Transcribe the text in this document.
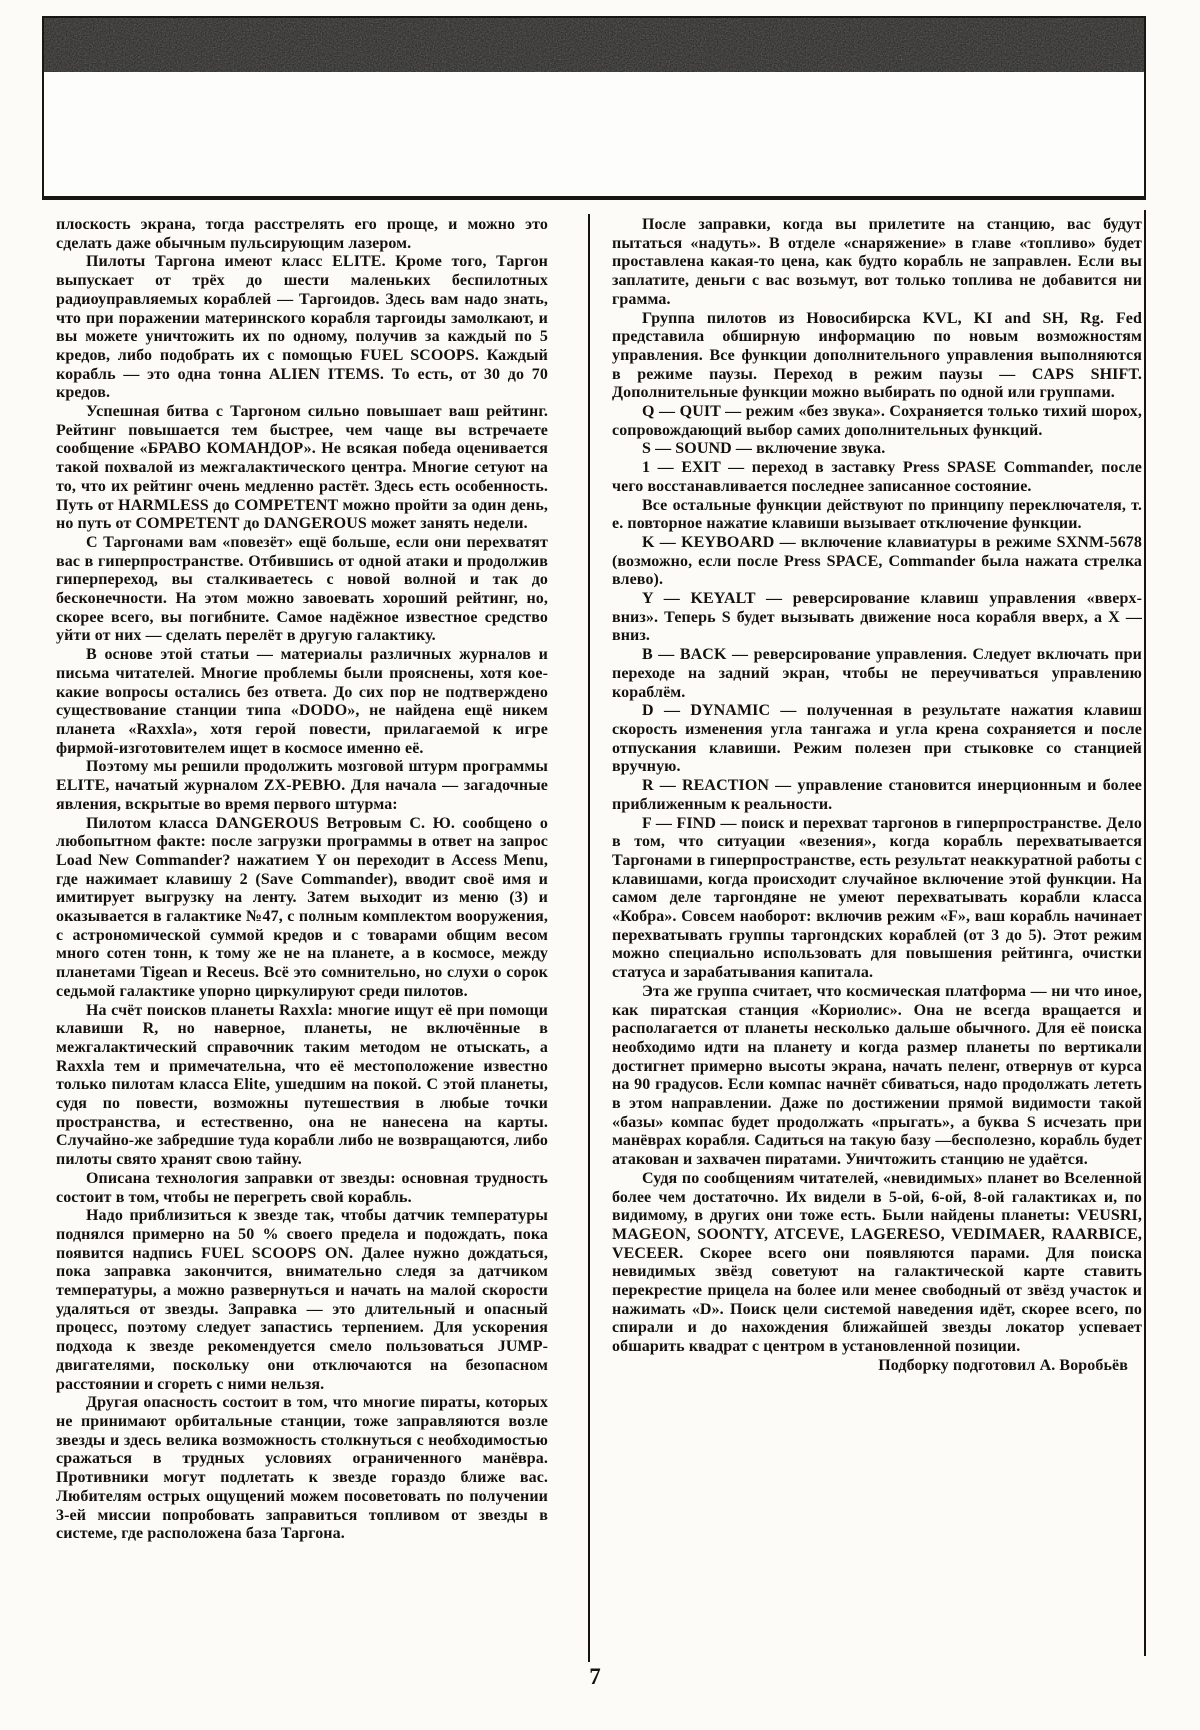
плоскость экрана, тогда расстрелять его проще, и можно это сделать даже обычным пульсирующим лазером.

Пилоты Таргона имеют класс ELITE. Кроме того, Таргон выпускает от трёх до шести маленьких беспилотных радиоуправляемых кораблей — Таргоидов. Здесь вам надо знать, что при поражении материнского корабля таргоиды замолкают, и вы можете уничтожить их по одному, получив за каждый по 5 кредов, либо подобрать их с помощью FUEL SCOOPS. Каждый корабль — это одна тонна ALIEN ITEMS. То есть, от 30 до 70 кредов.

Успешная битва с Таргоном сильно повышает ваш рейтинг. Рейтинг повышается тем быстрее, чем чаще вы встречаете сообщение «БРАВО КОМАНДОР». Не всякая победа оценивается такой похвалой из межгалактического центра. Многие сетуют на то, что их рейтинг очень медленно растёт. Здесь есть особенность. Путь от HARMLESS до COMPETENT можно пройти за один день, но путь от COMPETENT до DANGEROUS может занять недели.

С Таргонами вам «повезёт» ещё больше, если они перехватят вас в гиперпространстве. Отбившись от одной атаки и продолжив гиперпереход, вы сталкиваетесь с новой волной и так до бесконечности. На этом можно завоевать хороший рейтинг, но, скорее всего, вы погибните. Самое надёжное известное средство уйти от них — сделать перелёт в другую галактику.

В основе этой статьи — материалы различных журналов и письма читателей. Многие проблемы были прояснены, хотя кое-какие вопросы остались без ответа. До сих пор не подтверждено существование станции типа «DODO», не найдена ещё никем планета «Raxxla», хотя герой повести, прилагаемой к игре фирмой-изготовителем ищет в космосе именно её.

Поэтому мы решили продолжить мозговой штурм программы ELITE, начатый журналом ZX-РЕВЮ. Для начала — загадочные явления, вскрытые во время первого штурма:

Пилотом класса DANGEROUS Ветровым С. Ю. сообщено о любопытном факте: после загрузки программы в ответ на запрос Load New Commander? нажатием Y он переходит в Access Menu, где нажимает клавишу 2 (Save Commander), вводит своё имя и имитирует выгрузку на ленту. Затем выходит из меню (3) и оказывается в галактике №47, с полным комплектом вооружения, с астрономической суммой кредов и с товарами общим весом много сотен тонн, к тому же не на планете, а в космосе, между планетами Tigean и Receus. Всё это сомнительно, но слухи о сорок седьмой галактике упорно циркулируют среди пилотов.

На счёт поисков планеты Raxxla: многие ищут её при помощи клавиши R, но наверное, планеты, не включённые в межгалактический справочник таким методом не отыскать, а Raxxla тем и примечательна, что её местоположение известно только пилотам класса Elite, ушедшим на покой. С этой планеты, судя по повести, возможны путешествия в любые точки пространства, и естественно, она не нанесена на карты. Случайно-же забредшие туда корабли либо не возвращаются, либо пилоты свято хранят свою тайну.

Описана технология заправки от звезды: основная трудность состоит в том, чтобы не перегреть свой корабль.

Надо приблизиться к звезде так, чтобы датчик температуры поднялся примерно на 50 % своего предела и подождать, пока появится надпись FUEL SCOOPS ON. Далее нужно дождаться, пока заправка закончится, внимательно следя за датчиком температуры, а можно развернуться и начать на малой скорости удаляться от звезды. Заправка — это длительный и опасный процесс, поэтому следует запастись терпением. Для ускорения подхода к звезде рекомендуется смело пользоваться JUMP-двигателями, поскольку они отключаются на безопасном расстоянии и сгореть с ними нельзя.

Другая опасность состоит в том, что многие пираты, которых не принимают орбитальные станции, тоже заправляются возле звезды и здесь велика возможность столкнуться с необходимостью сражаться в трудных условиях ограниченного манёвра. Противники могут подлетать к звезде гораздо ближе вас. Любителям острых ощущений можем посоветовать по получении 3-ей миссии попробовать заправиться топливом от звезды в системе, где расположена база Таргона.

После заправки, когда вы прилетите на станцию, вас будут пытаться «надуть». В отделе «снаряжение» в главе «топливо» будет проставлена какая-то цена, как будто корабль не заправлен. Если вы заплатите, деньги с вас возьмут, вот только топлива не добавится ни грамма.

Группа пилотов из Новосибирска KVL, KI and SH, Rg. Fed представила обширную информацию по новым возможностям управления. Все функции дополнительного управления выполняются в режиме паузы. Переход в режим паузы — CAPS SHIFT. Дополнительные функции можно выбирать по одной или группами.

Q — QUIT — режим «без звука». Сохраняется только тихий шорох, сопровождающий выбор самих дополнительных функций.

S — SOUND — включение звука.

1 — EXIT — переход в заставку Press SPASE Commander, после чего восстанавливается последнее записанное состояние.

Все остальные функции действуют по принципу переключателя, т. е. повторное нажатие клавиши вызывает отключение функции.

K — KEYBOARD — включение клавиатуры в режиме SXNM-5678 (возможно, если после Press SPACE, Commander была нажата стрелка влево).

Y — KEYALT — реверсирование клавиш управления «вверх-вниз». Теперь S будет вызывать движение носа корабля вверх, а X — вниз.

B — BACK — реверсирование управления. Следует включать при переходе на задний экран, чтобы не переучиваться управлению кораблём.

D — DYNAMIC — полученная в результате нажатия клавиш скорость изменения угла тангажа и угла крена сохраняется и после отпускания клавиши. Режим полезен при стыковке со станцией вручную.

R — REACTION — управление становится инерционным и более приближенным к реальности.

F — FIND — поиск и перехват таргонов в гиперпространстве. Дело в том, что ситуации «везения», когда корабль перехватывается Таргонами в гиперпространстве, есть результат неаккуратной работы с клавишами, когда происходит случайное включение этой функции. На самом деле таргондяне не умеют перехватывать корабли класса «Кобра». Совсем наоборот: включив режим «F», ваш корабль начинает перехватывать группы таргондских кораблей (от 3 до 5). Этот режим можно специально использовать для повышения рейтинга, очистки статуса и зарабатывания капитала.

Эта же группа считает, что космическая платформа — ни что иное, как пиратская станция «Кориолис». Она не всегда вращается и располагается от планеты несколько дальше обычного. Для её поиска необходимо идти на планету и когда размер планеты по вертикали достигнет примерно высоты экрана, начать пеленг, отвернув от курса на 90 градусов. Если компас начнёт сбиваться, надо продолжать лететь в этом направлении. Даже по достижении прямой видимости такой «базы» компас будет продолжать «прыгать», а буква S исчезать при манёврах корабля. Садиться на такую базу —бесполезно, корабль будет атакован и захвачен пиратами. Уничтожить станцию не удаётся.

Судя по сообщениям читателей, «невидимых» планет во Вселенной более чем достаточно. Их видели в 5-ой, 6-ой, 8-ой галактиках и, по видимому, в других они тоже есть. Были найдены планеты: VEUSRI, MAGEON, SOONTY, ATCEVE, LAGERESO, VEDIMAER, RAARBICE, VECEER. Скорее всего они появляются парами. Для поиска невидимых звёзд советуют на галактической карте ставить перекрестие прицела на более или менее свободный от звёзд участок и нажимать «D». Поиск цели системой наведения идёт, скорее всего, по спирали и до нахождения ближайшей звезды локатор успевает обшарить квадрат с центром в установленной позиции.

Подборку подготовил А. Воробьёв

7
